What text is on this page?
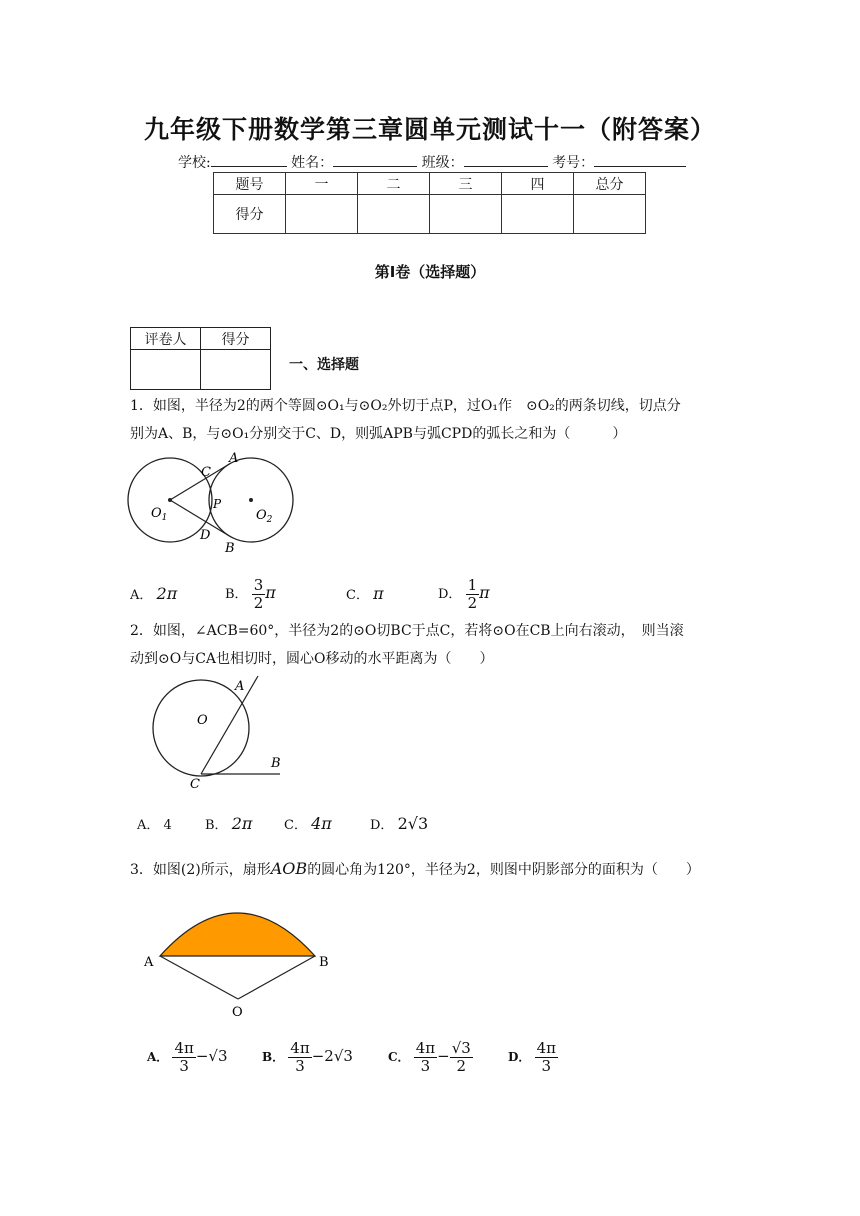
九年级下册数学第三章圆单元测试十一（附答案）
学校:	姓名：	班级：	考号：
题号	一	二	三	四	总分
得分					
第I卷（选择题）
评卷人	得分

一、选择题
1．如图，半径为2的两个等圆⊙O₁与⊙O₂外切于点P，过O₁作　⊙O₂的两条切线，切点分
别为A、B，与⊙O₁分别交于C、D，则弧APB与弧CPD的弧长之和为（　　　）
C
A
P
$O_1$	$O_2$
D
B
A． 2π	B． $\frac{3}{2}$ π	C． π	D． $\frac{1}{2}$ π
2．如图，∠ACB=60°，半径为2的⊙O切BC于点C，若将⊙O在CB上向右滚动，　则当滚
动到⊙O与CA也相切时，圆心O移动的水平距离为（　　）
A
O
B
C
A． 4	B． 2π C． 4π	D． 2√3
3．如图(2)所示，扇形AOB的圆心角为120°，半径为2，则图中阴影部分的面积为（　　）
A	B
O
A． $\frac{4\pi}{3} -√3$	B． $\frac{4\pi}{3} -2√3$	C． $\frac{4\pi}{3} - \frac{√3}{2}$	D． $\frac{4\pi}{3}$
